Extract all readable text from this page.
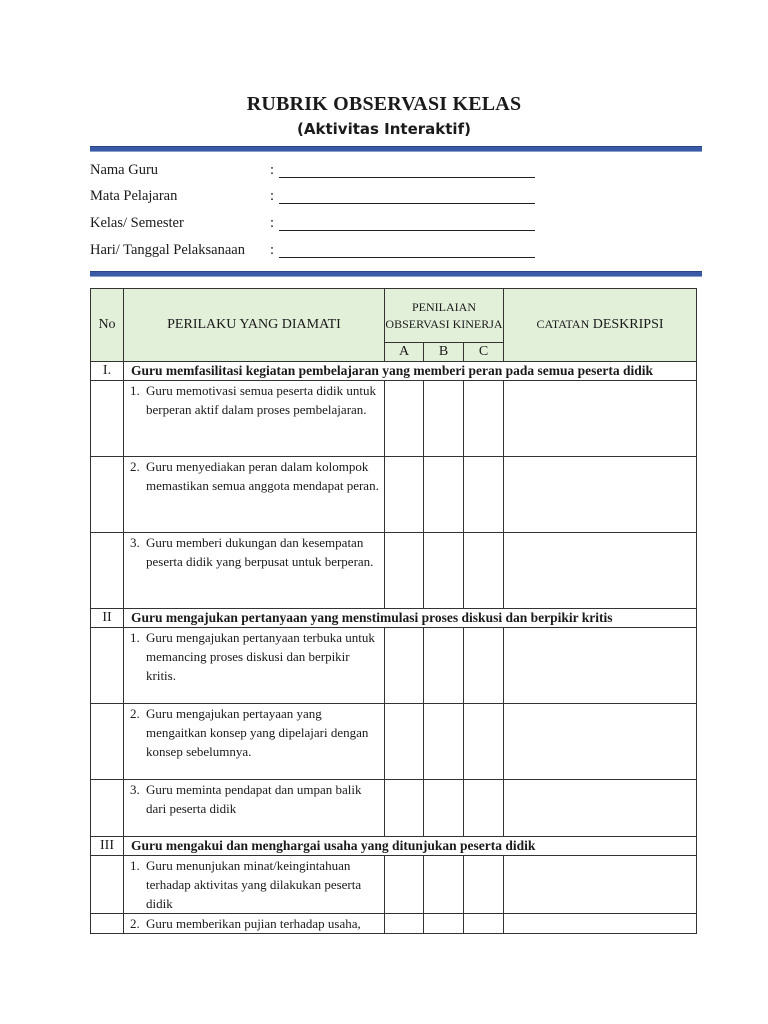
RUBRIK OBSERVASI KELAS
(Aktivitas Interaktif)
Nama Guru	:
Mata Pelajaran	:
Kelas/ Semester	:
Hari/ Tanggal Pelaksanaan :
No	PERILAKU YANG DIAMATI	PENILAIAN OBSERVASI KINERJA			CATATAN DESKRIPSI
		A	B	C	
I.	Guru memfasilitasi kegiatan pembelajaran yang memberi peran pada semua peserta didik				

	1. Guru memotivasi semua peserta didik untuk berperan aktif dalam proses pembelajaran.				

	2. Guru menyediakan peran dalam kolompok memastikan semua anggota mendapat peran.				

	3. Guru memberi dukungan dan kesempatan peserta didik yang berpusat untuk berperan.				

II	Guru mengajukan pertanyaan yang menstimulasi proses diskusi dan berpikir kritis				

	1. Guru mengajukan pertanyaan terbuka untuk memancing proses diskusi dan berpikir kritis.				

	2. Guru mengajukan pertayaan yang mengaitkan konsep yang dipelajari dengan konsep sebelumnya.				

	3. Guru meminta pendapat dan umpan balik dari peserta didik				

III	Guru mengakui dan menghargai usaha yang ditunjukan peserta didik				

	1. Guru menunjukan minat/keingintahuan terhadap aktivitas yang dilakukan peserta didik				

	2. Guru memberikan pujian terhadap usaha,				
